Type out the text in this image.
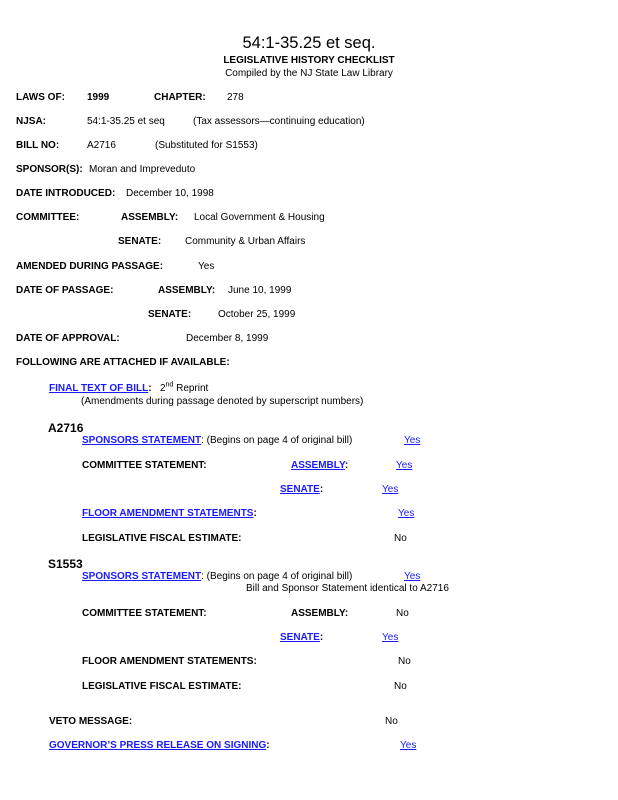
54:1-35.25 et seq.
LEGISLATIVE HISTORY CHECKLIST
Compiled by the NJ State Law Library
LAWS OF: 1999	CHAPTER: 278
NJSA:	54:1-35.25 et seq	(Tax assessors—continuing education)
BILL NO:	A2716	(Substituted for S1553)
SPONSOR(S): Moran and Impreveduto
DATE INTRODUCED: December 10, 1998
COMMITTEE:	ASSEMBLY: Local Government & Housing
SENATE: Community & Urban Affairs
AMENDED DURING PASSAGE:	Yes
DATE OF PASSAGE:	ASSEMBLY: June 10, 1999
SENATE:	October 25, 1999
DATE OF APPROVAL:	December 8, 1999
FOLLOWING ARE ATTACHED IF AVAILABLE:
FINAL TEXT OF BILL: 2nd Reprint
(Amendments during passage denoted by superscript numbers)
A2716
SPONSORS STATEMENT: (Begins on page 4 of original bill)	Yes
COMMITTEE STATEMENT:	ASSEMBLY:	Yes
SENATE:	Yes
FLOOR AMENDMENT STATEMENTS:	Yes
LEGISLATIVE FISCAL ESTIMATE:	No
S1553
SPONSORS STATEMENT: (Begins on page 4 of original bill)	Yes
Bill and Sponsor Statement identical to A2716
COMMITTEE STATEMENT:	ASSEMBLY:	No
SENATE:	Yes
FLOOR AMENDMENT STATEMENTS:	No
LEGISLATIVE FISCAL ESTIMATE:	No
VETO MESSAGE:	No
GOVERNOR’S PRESS RELEASE ON SIGNING:	Yes
